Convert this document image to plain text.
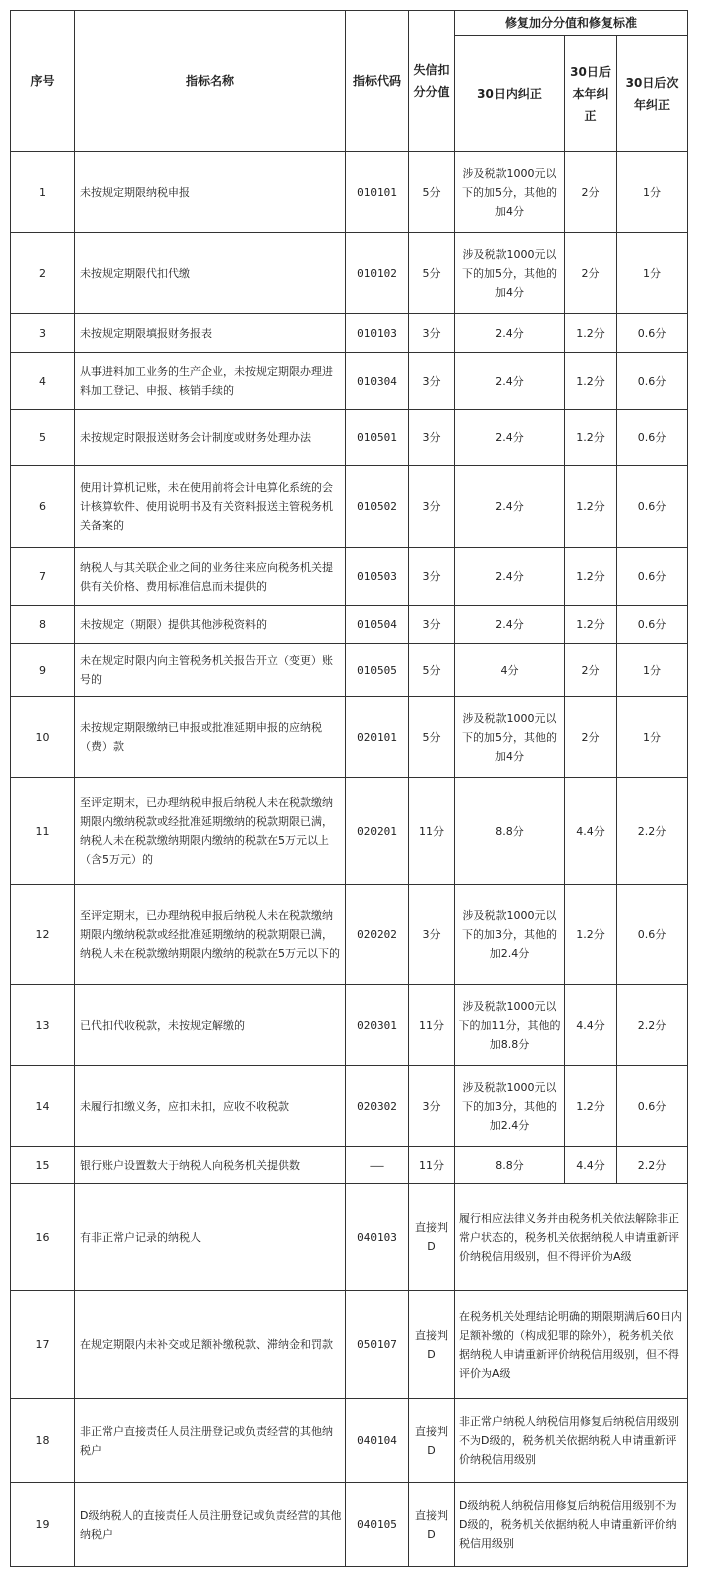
序号	指标名称	指标代码	失信扣分分值	修复加分分值和修复标准		
				30日内纠正	30日后本年纠正	30日后次年纠正
1	未按规定期限纳税申报	010101	5分	涉及税款1000元以下的加5分，其他的加4分	2分	1分
2	未按规定期限代扣代缴	010102	5分	涉及税款1000元以下的加5分，其他的加4分	2分	1分
3	未按规定期限填报财务报表	010103	3分	2.4分	1.2分	0.6分
4	从事进料加工业务的生产企业，未按规定期限办理进料加工登记、申报、核销手续的	010304	3分	2.4分	1.2分	0.6分
5	未按规定时限报送财务会计制度或财务处理办法	010501	3分	2.4分	1.2分	0.6分
6	使用计算机记账，未在使用前将会计电算化系统的会计核算软件、使用说明书及有关资料报送主管税务机关备案的	010502	3分	2.4分	1.2分	0.6分
7	纳税人与其关联企业之间的业务往来应向税务机关提供有关价格、费用标准信息而未提供的	010503	3分	2.4分	1.2分	0.6分
8	未按规定（期限）提供其他涉税资料的	010504	3分	2.4分	1.2分	0.6分
9	未在规定时限内向主管税务机关报告开立（变更）账号的	010505	5分	4分	2分	1分
10	未按规定期限缴纳已申报或批准延期申报的应纳税（费）款	020101	5分	涉及税款1000元以下的加5分，其他的加4分	2分	1分
11	至评定期末，已办理纳税申报后纳税人未在税款缴纳期限内缴纳税款或经批准延期缴纳的税款期限已满，纳税人未在税款缴纳期限内缴纳的税款在5万元以上（含5万元）的	020201	11分	8.8分	4.4分	2.2分
12	至评定期末，已办理纳税申报后纳税人未在税款缴纳期限内缴纳税款或经批准延期缴纳的税款期限已满，纳税人未在税款缴纳期限内缴纳的税款在5万元以下的	020202	3分	涉及税款1000元以下的加3分，其他的加2.4分	1.2分	0.6分
13	已代扣代收税款，未按规定解缴的	020301	11分	涉及税款1000元以下的加11分，其他的加8.8分	4.4分	2.2分
14	未履行扣缴义务，应扣未扣，应收不收税款	020302	3分	涉及税款1000元以下的加3分，其他的加2.4分	1.2分	0.6分
15	银行账户设置数大于纳税人向税务机关提供数	——	11分	8.8分	4.4分	2.2分
16	有非正常户记录的纳税人	040103	直接判D	履行相应法律义务并由税务机关依法解除非正常户状态的，税务机关依据纳税人申请重新评价纳税信用级别，但不得评价为A级		
17	在规定期限内未补交或足额补缴税款、滞纳金和罚款	050107	直接判D	在税务机关处理结论明确的期限期满后60日内足额补缴的（构成犯罪的除外），税务机关依据纳税人申请重新评价纳税信用级别，但不得评价为A级		
18	非正常户直接责任人员注册登记或负责经营的其他纳税户	040104	直接判D	非正常户纳税人纳税信用修复后纳税信用级别不为D级的，税务机关依据纳税人申请重新评价纳税信用级别		
19	D级纳税人的直接责任人员注册登记或负责经营的其他纳税户	040105	直接判D	D级纳税人纳税信用修复后纳税信用级别不为D级的，税务机关依据纳税人申请重新评价纳税信用级别		
